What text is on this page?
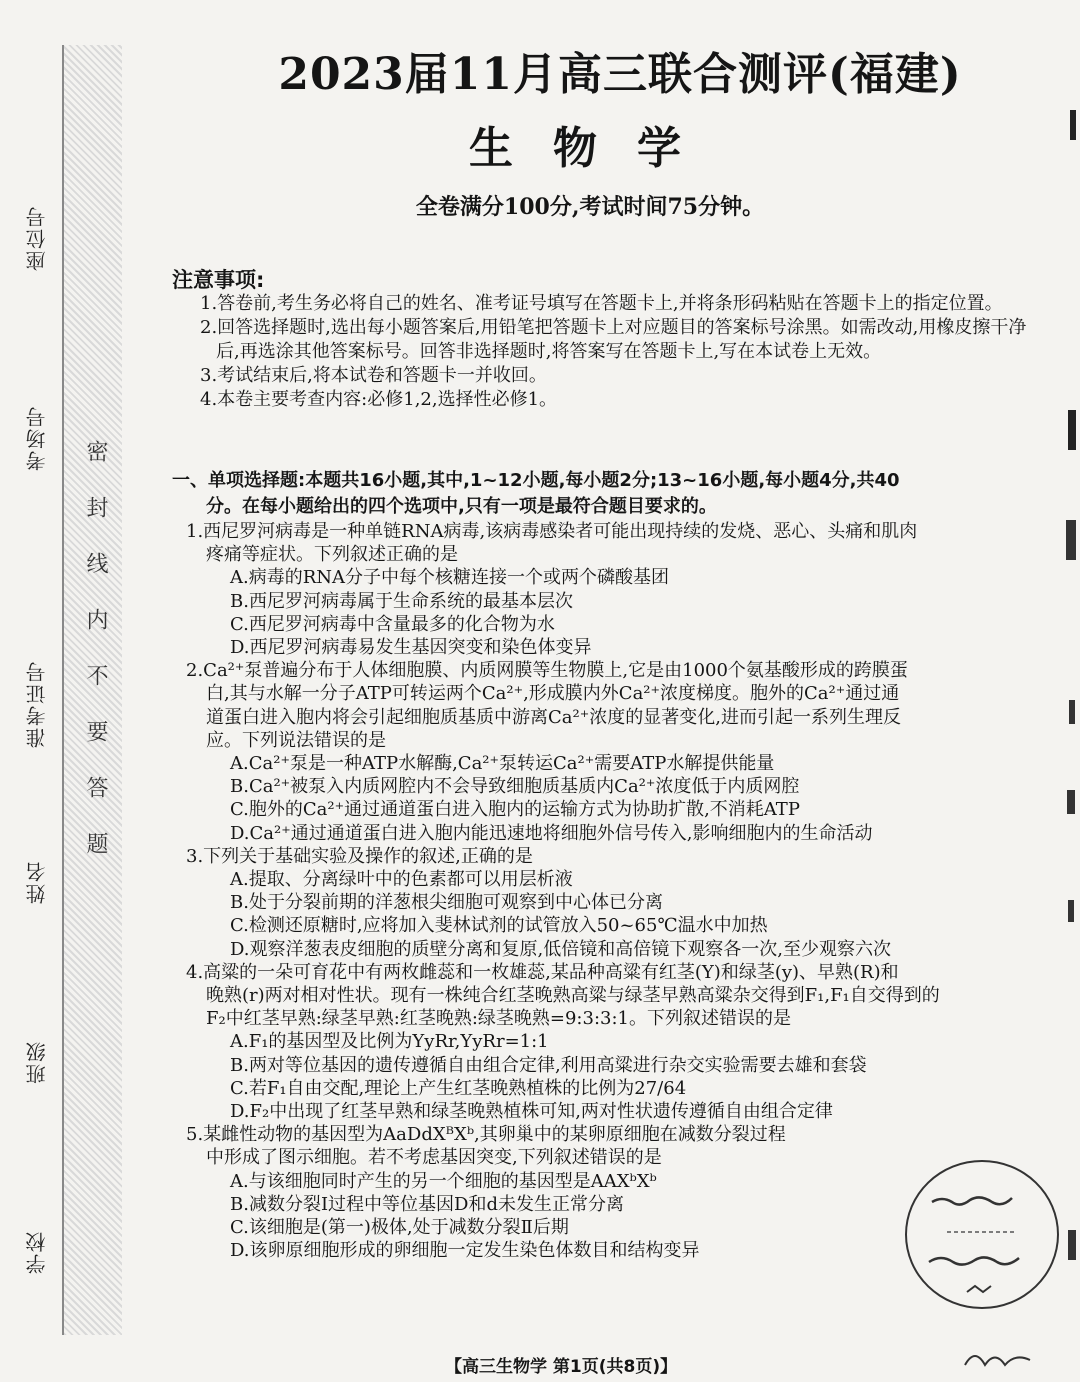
座位号
考场号
准考证号
姓名
班级
学校
密封线内不要答题
2023届11月高三联合测评(福建)
生物学
全卷满分100分,考试时间75分钟。
注意事项:
1.答卷前,考生务必将自己的姓名、准考证号填写在答题卡上,并将条形码粘贴在答题卡上的指定位置。
2.回答选择题时,选出每小题答案后,用铅笔把答题卡上对应题目的答案标号涂黑。如需改动,用橡皮擦干净后,再选涂其他答案标号。回答非选择题时,将答案写在答题卡上,写在本试卷上无效。
3.考试结束后,将本试卷和答题卡一并收回。
4.本卷主要考查内容:必修1,2,选择性必修1。
一、单项选择题:本题共16小题,其中,1~12小题,每小题2分;13~16小题,每小题4分,共40
分。在每小题给出的四个选项中,只有一项是最符合题目要求的。
1.西尼罗河病毒是一种单链RNA病毒,该病毒感染者可能出现持续的发烧、恶心、头痛和肌肉
疼痛等症状。下列叙述正确的是
A.病毒的RNA分子中每个核糖连接一个或两个磷酸基团
B.西尼罗河病毒属于生命系统的最基本层次
C.西尼罗河病毒中含量最多的化合物为水
D.西尼罗河病毒易发生基因突变和染色体变异
2.Ca²⁺泵普遍分布于人体细胞膜、内质网膜等生物膜上,它是由1000个氨基酸形成的跨膜蛋
白,其与水解一分子ATP可转运两个Ca²⁺,形成膜内外Ca²⁺浓度梯度。胞外的Ca²⁺通过通
道蛋白进入胞内将会引起细胞质基质中游离Ca²⁺浓度的显著变化,进而引起一系列生理反
应。下列说法错误的是
A.Ca²⁺泵是一种ATP水解酶,Ca²⁺泵转运Ca²⁺需要ATP水解提供能量
B.Ca²⁺被泵入内质网腔内不会导致细胞质基质内Ca²⁺浓度低于内质网腔
C.胞外的Ca²⁺通过通道蛋白进入胞内的运输方式为协助扩散,不消耗ATP
D.Ca²⁺通过通道蛋白进入胞内能迅速地将细胞外信号传入,影响细胞内的生命活动
3.下列关于基础实验及操作的叙述,正确的是
A.提取、分离绿叶中的色素都可以用层析液
B.处于分裂前期的洋葱根尖细胞可观察到中心体已分离
C.检测还原糖时,应将加入斐林试剂的试管放入50~65℃温水中加热
D.观察洋葱表皮细胞的质壁分离和复原,低倍镜和高倍镜下观察各一次,至少观察六次
4.高粱的一朵可育花中有两枚雌蕊和一枚雄蕊,某品种高粱有红茎(Y)和绿茎(y)、早熟(R)和
晚熟(r)两对相对性状。现有一株纯合红茎晚熟高粱与绿茎早熟高粱杂交得到F₁,F₁自交得到的
F₂中红茎早熟:绿茎早熟:红茎晚熟:绿茎晚熟=9:3:3:1。下列叙述错误的是
A.F₁的基因型及比例为YyRr,YyRr=1:1
B.两对等位基因的遗传遵循自由组合定律,利用高粱进行杂交实验需要去雄和套袋
C.若F₁自由交配,理论上产生红茎晚熟植株的比例为27/64
D.F₂中出现了红茎早熟和绿茎晚熟植株可知,两对性状遗传遵循自由组合定律
5.某雌性动物的基因型为AaDdXᴮXᵇ,其卵巢中的某卵原细胞在减数分裂过程
中形成了图示细胞。若不考虑基因突变,下列叙述错误的是
A.与该细胞同时产生的另一个细胞的基因型是AAXᵇXᵇ
B.减数分裂Ⅰ过程中等位基因D和d未发生正常分离
C.该细胞是(第一)极体,处于减数分裂Ⅱ后期
D.该卵原细胞形成的卵细胞一定发生染色体数目和结构变异
【高三生物学 第1页(共8页)】
